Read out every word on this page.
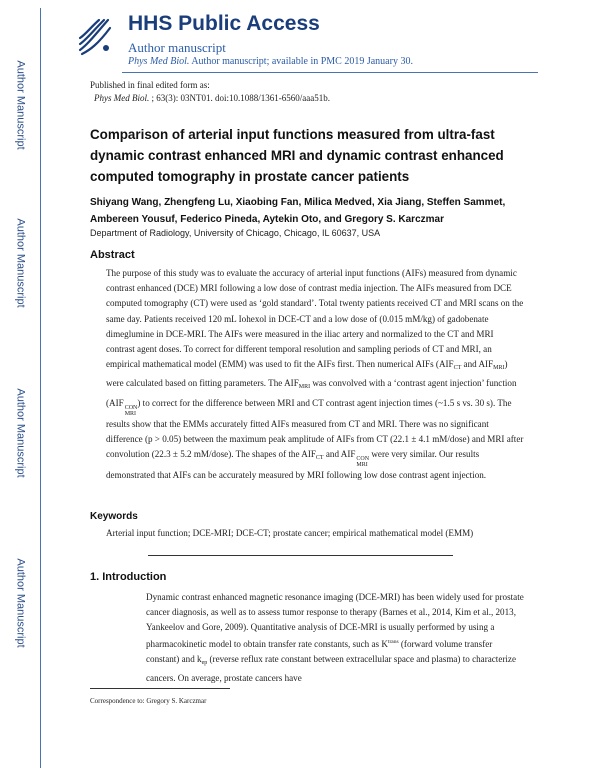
Author Manuscript
Author Manuscript
Author Manuscript
Author Manuscript
HHS Public Access
Author manuscript
Phys Med Biol. Author manuscript; available in PMC 2019 January 30.
Published in final edited form as:
Phys Med Biol. ; 63(3): 03NT01. doi:10.1088/1361-6560/aaa51b.
Comparison of arterial input functions measured from ultra-fast dynamic contrast enhanced MRI and dynamic contrast enhanced computed tomography in prostate cancer patients
Shiyang Wang, Zhengfeng Lu, Xiaobing Fan, Milica Medved, Xia Jiang, Steffen Sammet, Ambereen Yousuf, Federico Pineda, Aytekin Oto, and Gregory S. Karczmar
Department of Radiology, University of Chicago, Chicago, IL 60637, USA
Abstract
The purpose of this study was to evaluate the accuracy of arterial input functions (AIFs) measured from dynamic contrast enhanced (DCE) MRI following a low dose of contrast media injection. The AIFs measured from DCE computed tomography (CT) were used as ‘gold standard’. Total twenty patients received CT and MRI scans on the same day. Patients received 120 mL Iohexol in DCE-CT and a low dose of (0.015 mM/kg) of gadobenate dimeglumine in DCE-MRI. The AIFs were measured in the iliac artery and normalized to the CT and MRI contrast agent doses. To correct for different temporal resolution and sampling periods of CT and MRI, an empirical mathematical model (EMM) was used to fit the AIFs first. Then numerical AIFs ($AIF_{CT}$ and $AIF_{MRI}$) were calculated based on fitting parameters. The $AIF_{MRI}$ was convolved with a ‘contrast agent injection’ function (AIF CON
MRI
) to correct for the difference between MRI and CT contrast agent injection times (~1.5 s vs. 30 s). The results show that the EMMs accurately fitted AIFs measured from CT and MRI. There was no significant difference (p > 0.05) between the maximum peak amplitude of AIFs from CT (22.1 ± 4.1 mM/dose) and MRI after convolution (22.3 ± 5.2 mM/dose). The shapes of the $AIF_{CT}$ and AIF CON
MRI
were very similar. Our results demonstrated that AIFs can be accurately measured by MRI following low dose contrast agent injection.
Keywords
Arterial input function; DCE-MRI; DCE-CT; prostate cancer; empirical mathematical model (EMM)
1. Introduction
Dynamic contrast enhanced magnetic resonance imaging (DCE-MRI) has been widely used for prostate cancer diagnosis, as well as to assess tumor response to therapy (Barnes et al., 2014, Kim et al., 2013, Yankeelov and Gore, 2009). Quantitative analysis of DCE-MRI is usually performed by using a pharmacokinetic model to obtain transfer rate constants, such as $K^{trans}$ (forward volume transfer constant) and $k_{ep}$ (reverse reflux rate constant between extracellular space and plasma) to characterize cancers. On average, prostate cancers have
Correspondence to: Gregory S. Karczmar
